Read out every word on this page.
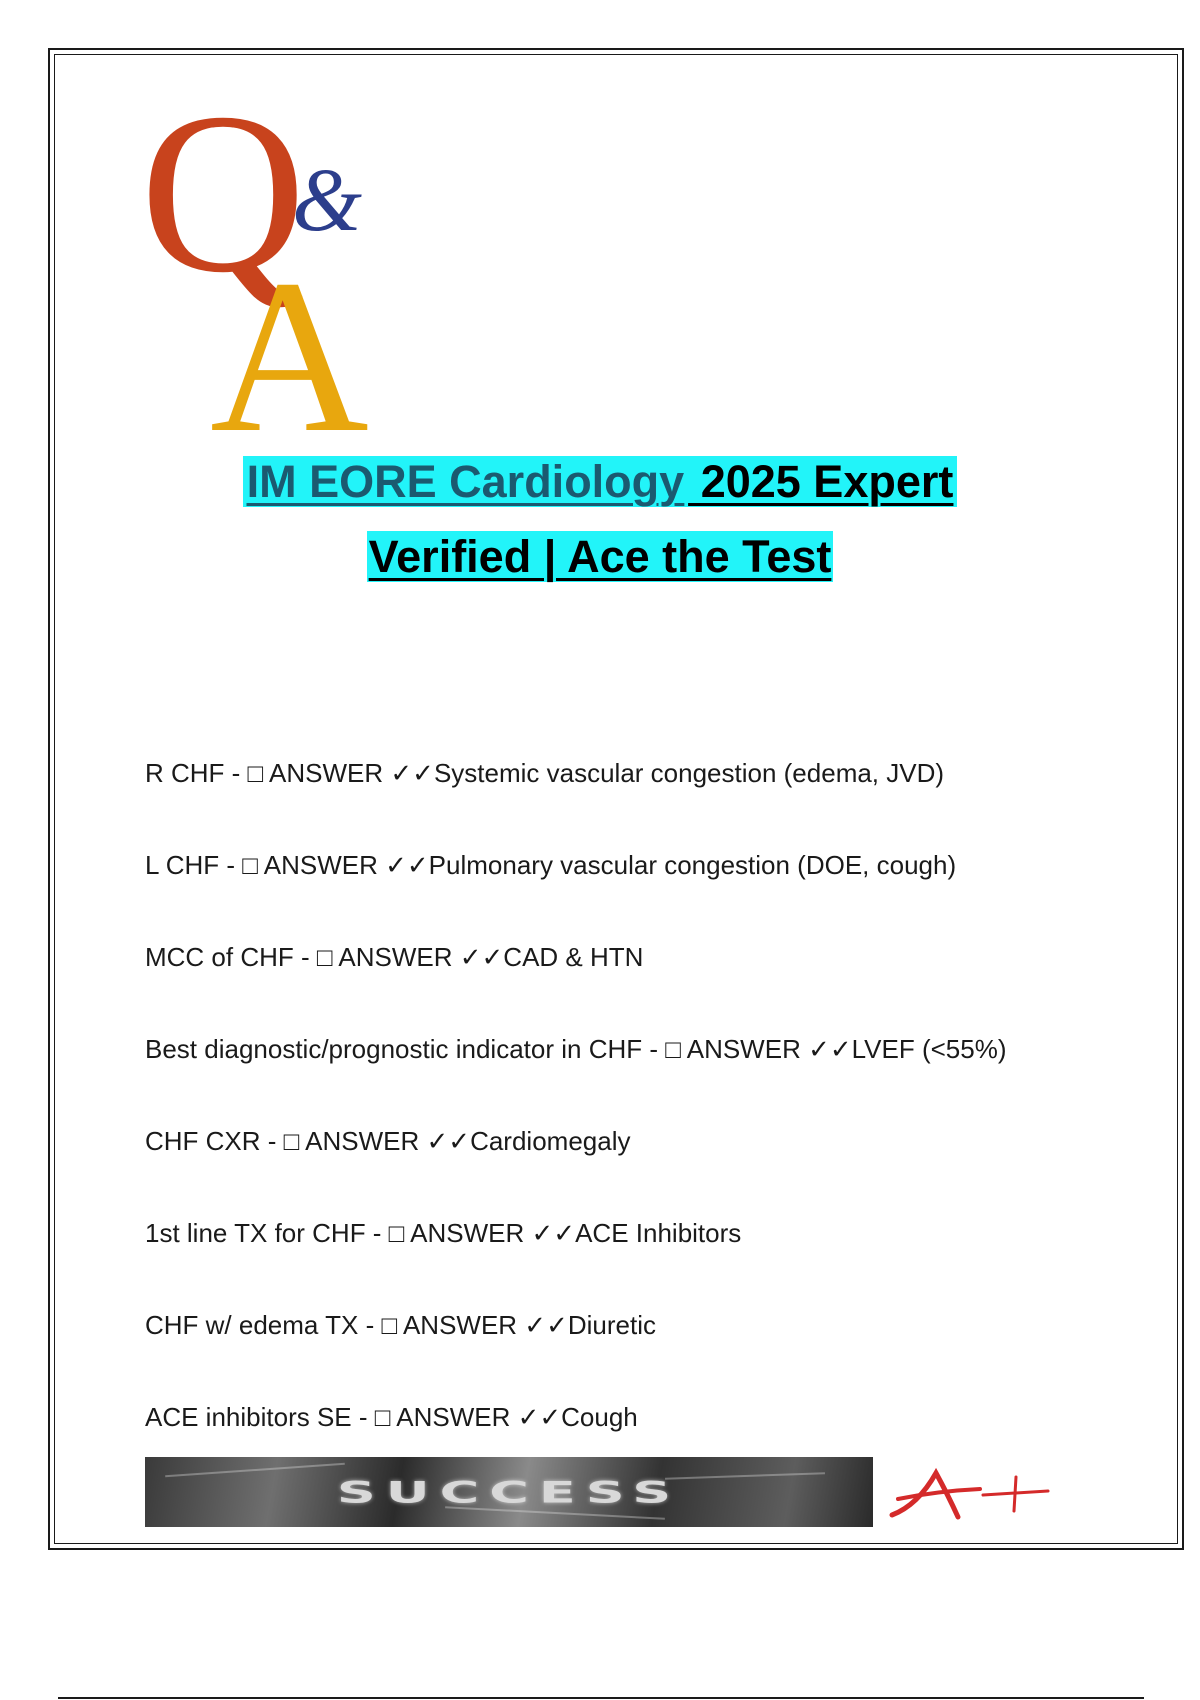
Q
&
A
IM EORE Cardiology 2025 Expert
Verified | Ace the Test
R CHF - □ ANSWER ✓✓Systemic vascular congestion (edema, JVD)
L CHF - □ ANSWER ✓✓Pulmonary vascular congestion (DOE, cough)
MCC of CHF - □ ANSWER ✓✓CAD & HTN
Best diagnostic/prognostic indicator in CHF - □ ANSWER ✓✓LVEF (<55%)
CHF CXR - □ ANSWER ✓✓Cardiomegaly
1st line TX for CHF - □ ANSWER ✓✓ACE Inhibitors
CHF w/ edema TX - □ ANSWER ✓✓Diuretic
ACE inhibitors SE - □ ANSWER ✓✓Cough
SUCCESS
A+
